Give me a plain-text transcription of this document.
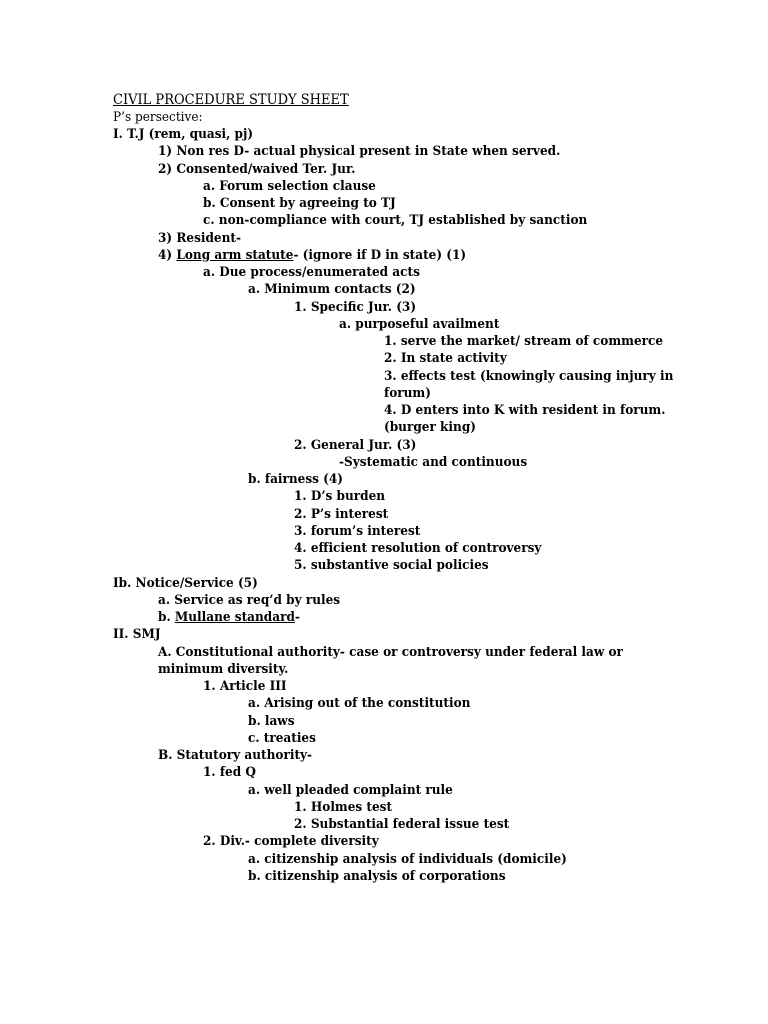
CIVIL PROCEDURE STUDY SHEET
P’s persective:
I. T.J (rem, quasi, pj)
1) Non res D- actual physical present in State when served.
2) Consented/waived Ter. Jur.
a. Forum selection clause
b. Consent by agreeing to TJ
c. non-compliance with court, TJ established by sanction
3) Resident-
4) Long arm statute- (ignore if D in state) (1)
a. Due process/enumerated acts
a. Minimum contacts (2)
1. Specific Jur. (3)
a. purposeful availment
1. serve the market/ stream of commerce
2. In state activity
3. effects test (knowingly causing injury in
forum)
4. D enters into K with resident in forum.
(burger king)
2. General Jur. (3)
-Systematic and continuous
b. fairness (4)
1. D’s burden
2. P’s interest
3. forum’s interest
4. efficient resolution of controversy
5. substantive social policies
Ib. Notice/Service (5)
a. Service as req’d by rules
b. Mullane standard-
II. SMJ
A. Constitutional authority- case or controversy under federal law or
minimum diversity.
1. Article III
a. Arising out of the constitution
b. laws
c. treaties
B. Statutory authority-
1. fed Q
a. well pleaded complaint rule
1. Holmes test
2. Substantial federal issue test
2. Div.- complete diversity
a. citizenship analysis of individuals (domicile)
b. citizenship analysis of corporations
